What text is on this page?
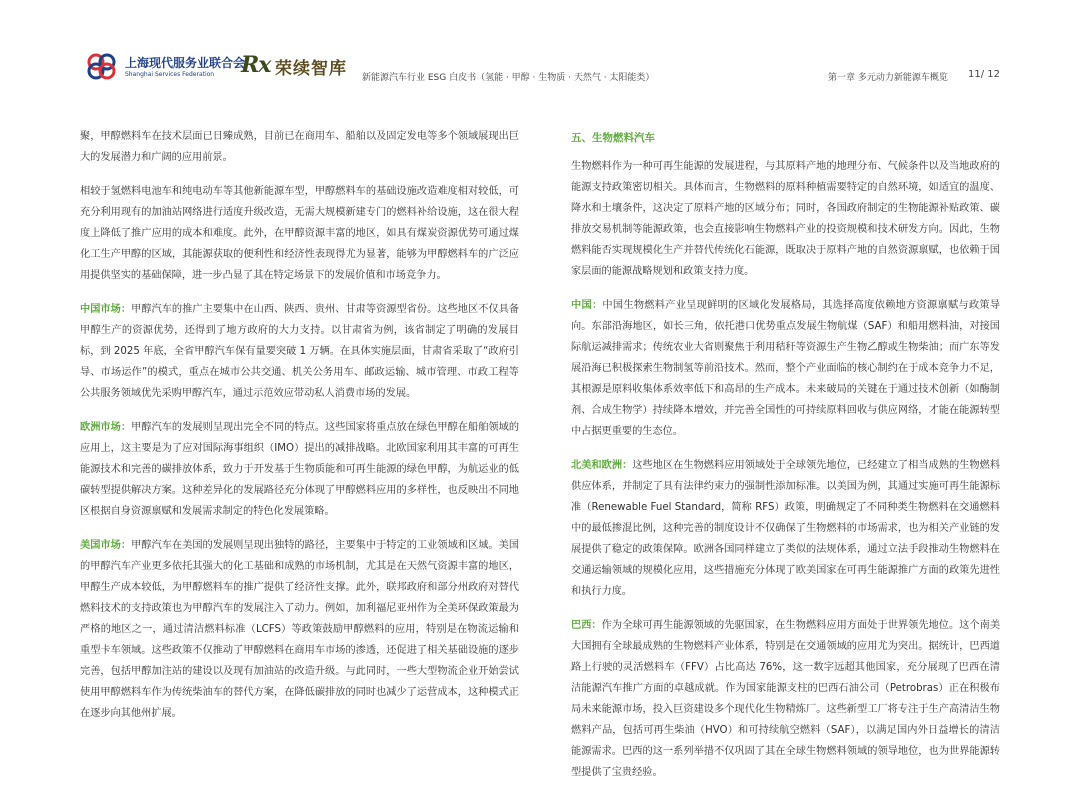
上海现代服务业联合会
Shanghai Services Federation Rx 荣续智库 新能源汽车行业 ESG 白皮书（氢能 · 甲醇 · 生物质 · 天然气 · 太阳能类）	第一章 多元动力新能源车概览 11/ 12

聚，甲醇燃料车在技术层面已日臻成熟，目前已在商用车、船舶以及固定发电等多个领域展现出巨大的发展潜力和广阔的应用前景。

相较于氢燃料电池车和纯电动车等其他新能源车型，甲醇燃料车的基础设施改造难度相对较低，可充分利用现有的加油站网络进行适度升级改造，无需大规模新建专门的燃料补给设施，这在很大程度上降低了推广应用的成本和难度。此外，在甲醇资源丰富的地区，如具有煤炭资源优势可通过煤化工生产甲醇的区域，其能源获取的便利性和经济性表现得尤为显著，能够为甲醇燃料车的广泛应用提供坚实的基础保障，进一步凸显了其在特定场景下的发展价值和市场竞争力。

中国市场：甲醇汽车的推广主要集中在山西、陕西、贵州、甘肃等资源型省份。这些地区不仅具备甲醇生产的资源优势，还得到了地方政府的大力支持。以甘肃省为例，该省制定了明确的发展目标，到 2025 年底，全省甲醇汽车保有量要突破 1 万辆。在具体实施层面，甘肃省采取了“政府引导、市场运作”的模式，重点在城市公共交通、机关公务用车、邮政运输、城市管理、市政工程等公共服务领域优先采购甲醇汽车，通过示范效应带动私人消费市场的发展。

欧洲市场：甲醇汽车的发展则呈现出完全不同的特点。这些国家将重点放在绿色甲醇在船舶领域的应用上，这主要是为了应对国际海事组织（IMO）提出的减排战略。北欧国家利用其丰富的可再生能源技术和完善的碳排放体系，致力于开发基于生物质能和可再生能源的绿色甲醇，为航运业的低碳转型提供解决方案。这种差异化的发展路径充分体现了甲醇燃料应用的多样性，也反映出不同地区根据自身资源禀赋和发展需求制定的特色化发展策略。

美国市场：甲醇汽车在美国的发展则呈现出独特的路径，主要集中于特定的工业领域和区域。美国的甲醇汽车产业更多依托其强大的化工基础和成熟的市场机制，尤其是在天然气资源丰富的地区，甲醇生产成本较低，为甲醇燃料车的推广提供了经济性支撑。此外，联邦政府和部分州政府对替代燃料技术的支持政策也为甲醇汽车的发展注入了动力。例如，加利福尼亚州作为全美环保政策最为严格的地区之一，通过清洁燃料标准（LCFS）等政策鼓励甲醇燃料的应用，特别是在物流运输和重型卡车领域。这些政策不仅推动了甲醇燃料在商用车市场的渗透，还促进了相关基础设施的逐步完善，包括甲醇加注站的建设以及现有加油站的改造升级。与此同时，一些大型物流企业开始尝试使用甲醇燃料车作为传统柴油车的替代方案，在降低碳排放的同时也减少了运营成本，这种模式正在逐步向其他州扩展。

五、生物燃料汽车

生物燃料作为一种可再生能源的发展进程，与其原料产地的地理分布、气候条件以及当地政府的能源支持政策密切相关。具体而言，生物燃料的原料种植需要特定的自然环境，如适宜的温度、降水和土壤条件，这决定了原料产地的区域分布；同时，各国政府制定的生物能源补贴政策、碳排放交易机制等能源政策，也会直接影响生物燃料产业的投资规模和技术研发方向。因此，生物燃料能否实现规模化生产并替代传统化石能源，既取决于原料产地的自然资源禀赋，也依赖于国家层面的能源战略规划和政策支持力度。

中国：中国生物燃料产业呈现鲜明的区域化发展格局，其选择高度依赖地方资源禀赋与政策导向。东部沿海地区，如长三角，依托港口优势重点发展生物航煤（SAF）和船用燃料油，对接国际航运减排需求；传统农业大省则聚焦于利用秸秆等资源生产生物乙醇或生物柴油；而广东等发展沿海已积极探索生物制氢等前沿技术。然而，整个产业面临的核心制约在于成本竞争力不足，其根源是原料收集体系效率低下和高昂的生产成本。未来破局的关键在于通过技术创新（如酶制剂、合成生物学）持续降本增效，并完善全国性的可持续原料回收与供应网络，才能在能源转型中占据更重要的生态位。

北美和欧洲：这些地区在生物燃料应用领域处于全球领先地位，已经建立了相当成熟的生物燃料供应体系，并制定了具有法律约束力的强制性添加标准。以美国为例，其通过实施可再生能源标准（Renewable Fuel Standard，简称 RFS）政策，明确规定了不同种类生物燃料在交通燃料中的最低掺混比例，这种完善的制度设计不仅确保了生物燃料的市场需求，也为相关产业链的发展提供了稳定的政策保障。欧洲各国同样建立了类似的法规体系，通过立法手段推动生物燃料在交通运输领域的规模化应用，这些措施充分体现了欧美国家在可再生能源推广方面的政策先进性和执行力度。

巴西：作为全球可再生能源领域的先驱国家，在生物燃料应用方面处于世界领先地位。这个南美大国拥有全球最成熟的生物燃料产业体系，特别是在交通领域的应用尤为突出。据统计，巴西道路上行驶的灵活燃料车（FFV）占比高达 76%，这一数字远超其他国家，充分展现了巴西在清洁能源汽车推广方面的卓越成就。作为国家能源支柱的巴西石油公司（Petrobras）正在积极布局未来能源市场，投入巨资建设多个现代化生物精炼厂。这些新型工厂将专注于生产高清洁生物燃料产品，包括可再生柴油（HVO）和可持续航空燃料（SAF），以满足国内外日益增长的清洁能源需求。巴西的这一系列举措不仅巩固了其在全球生物燃料领域的领导地位，也为世界能源转型提供了宝贵经验。
